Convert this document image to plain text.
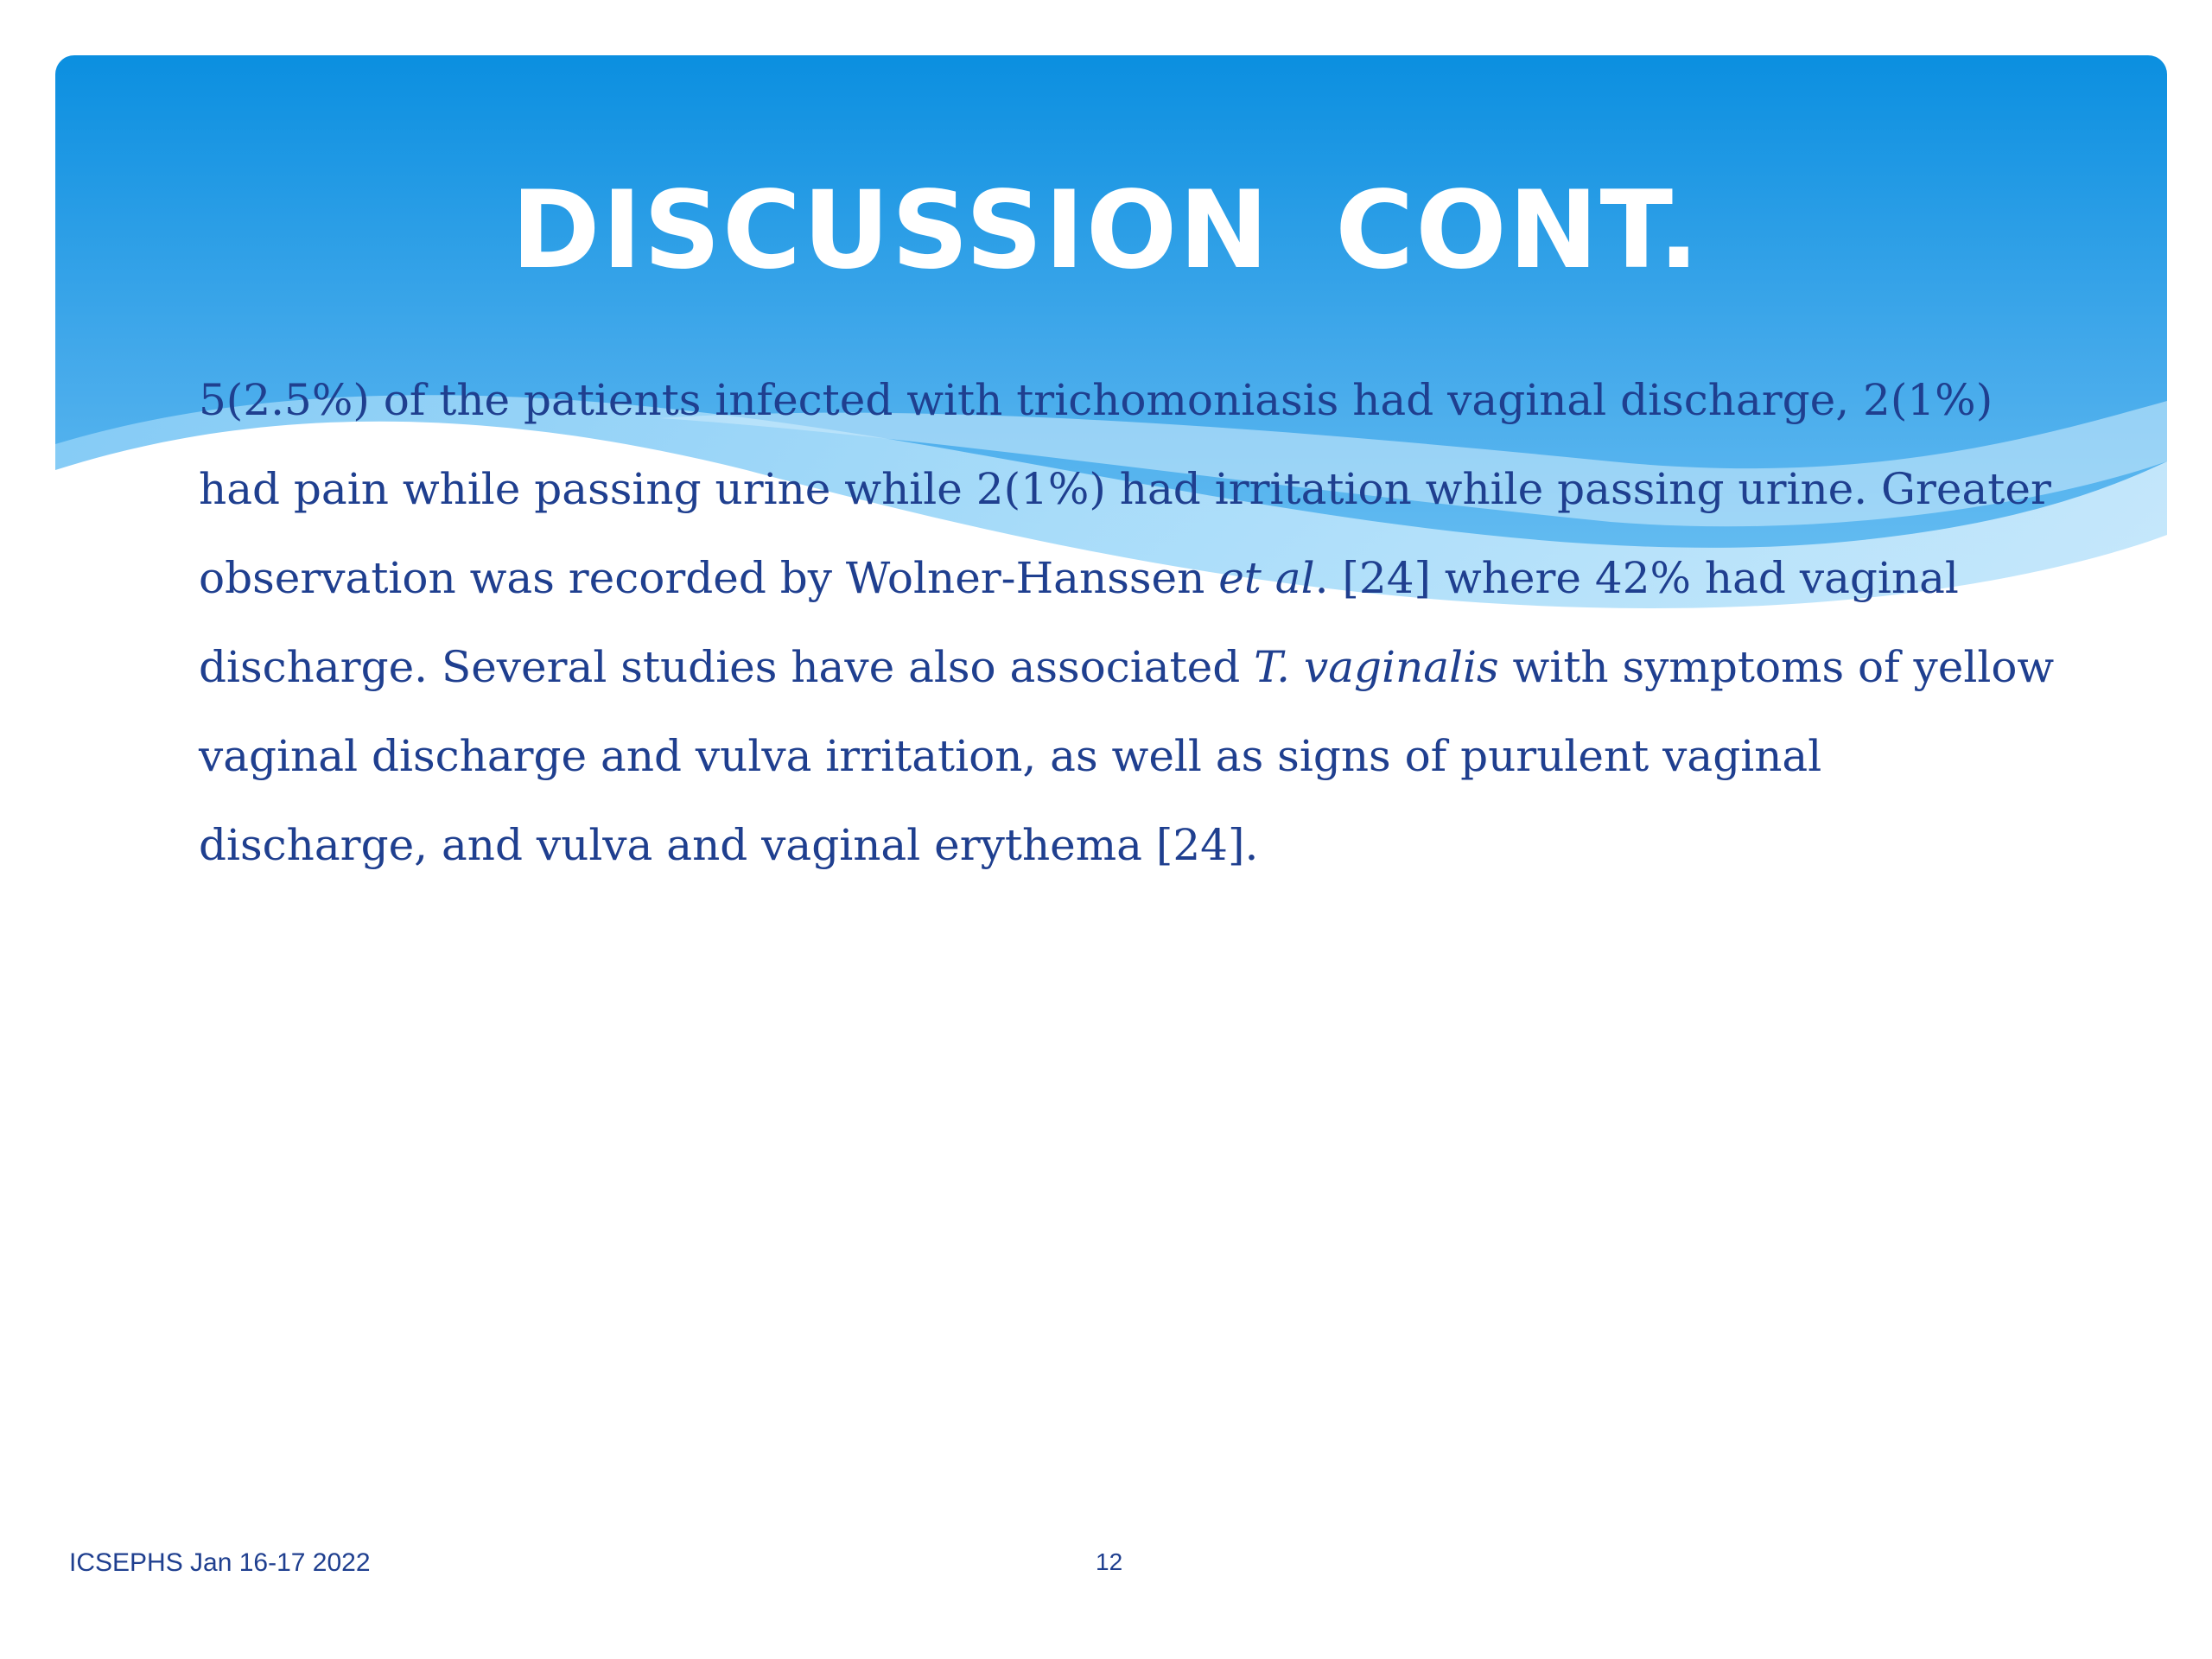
DISCUSSION CONT.

5(2.5%) of the patients infected with trichomoniasis had vaginal discharge, 2(1%) had pain while passing urine while 2(1%) had irritation while passing urine. Greater observation was recorded by Wolner-Hanssen et al. [24] where 42% had vaginal discharge. Several studies have also associated T. vaginalis with symptoms of yellow vaginal discharge and vulva irritation, as well as signs of purulent vaginal discharge, and vulva and vaginal erythema [24].

ICSEPHS Jan 16-17 2022	12
